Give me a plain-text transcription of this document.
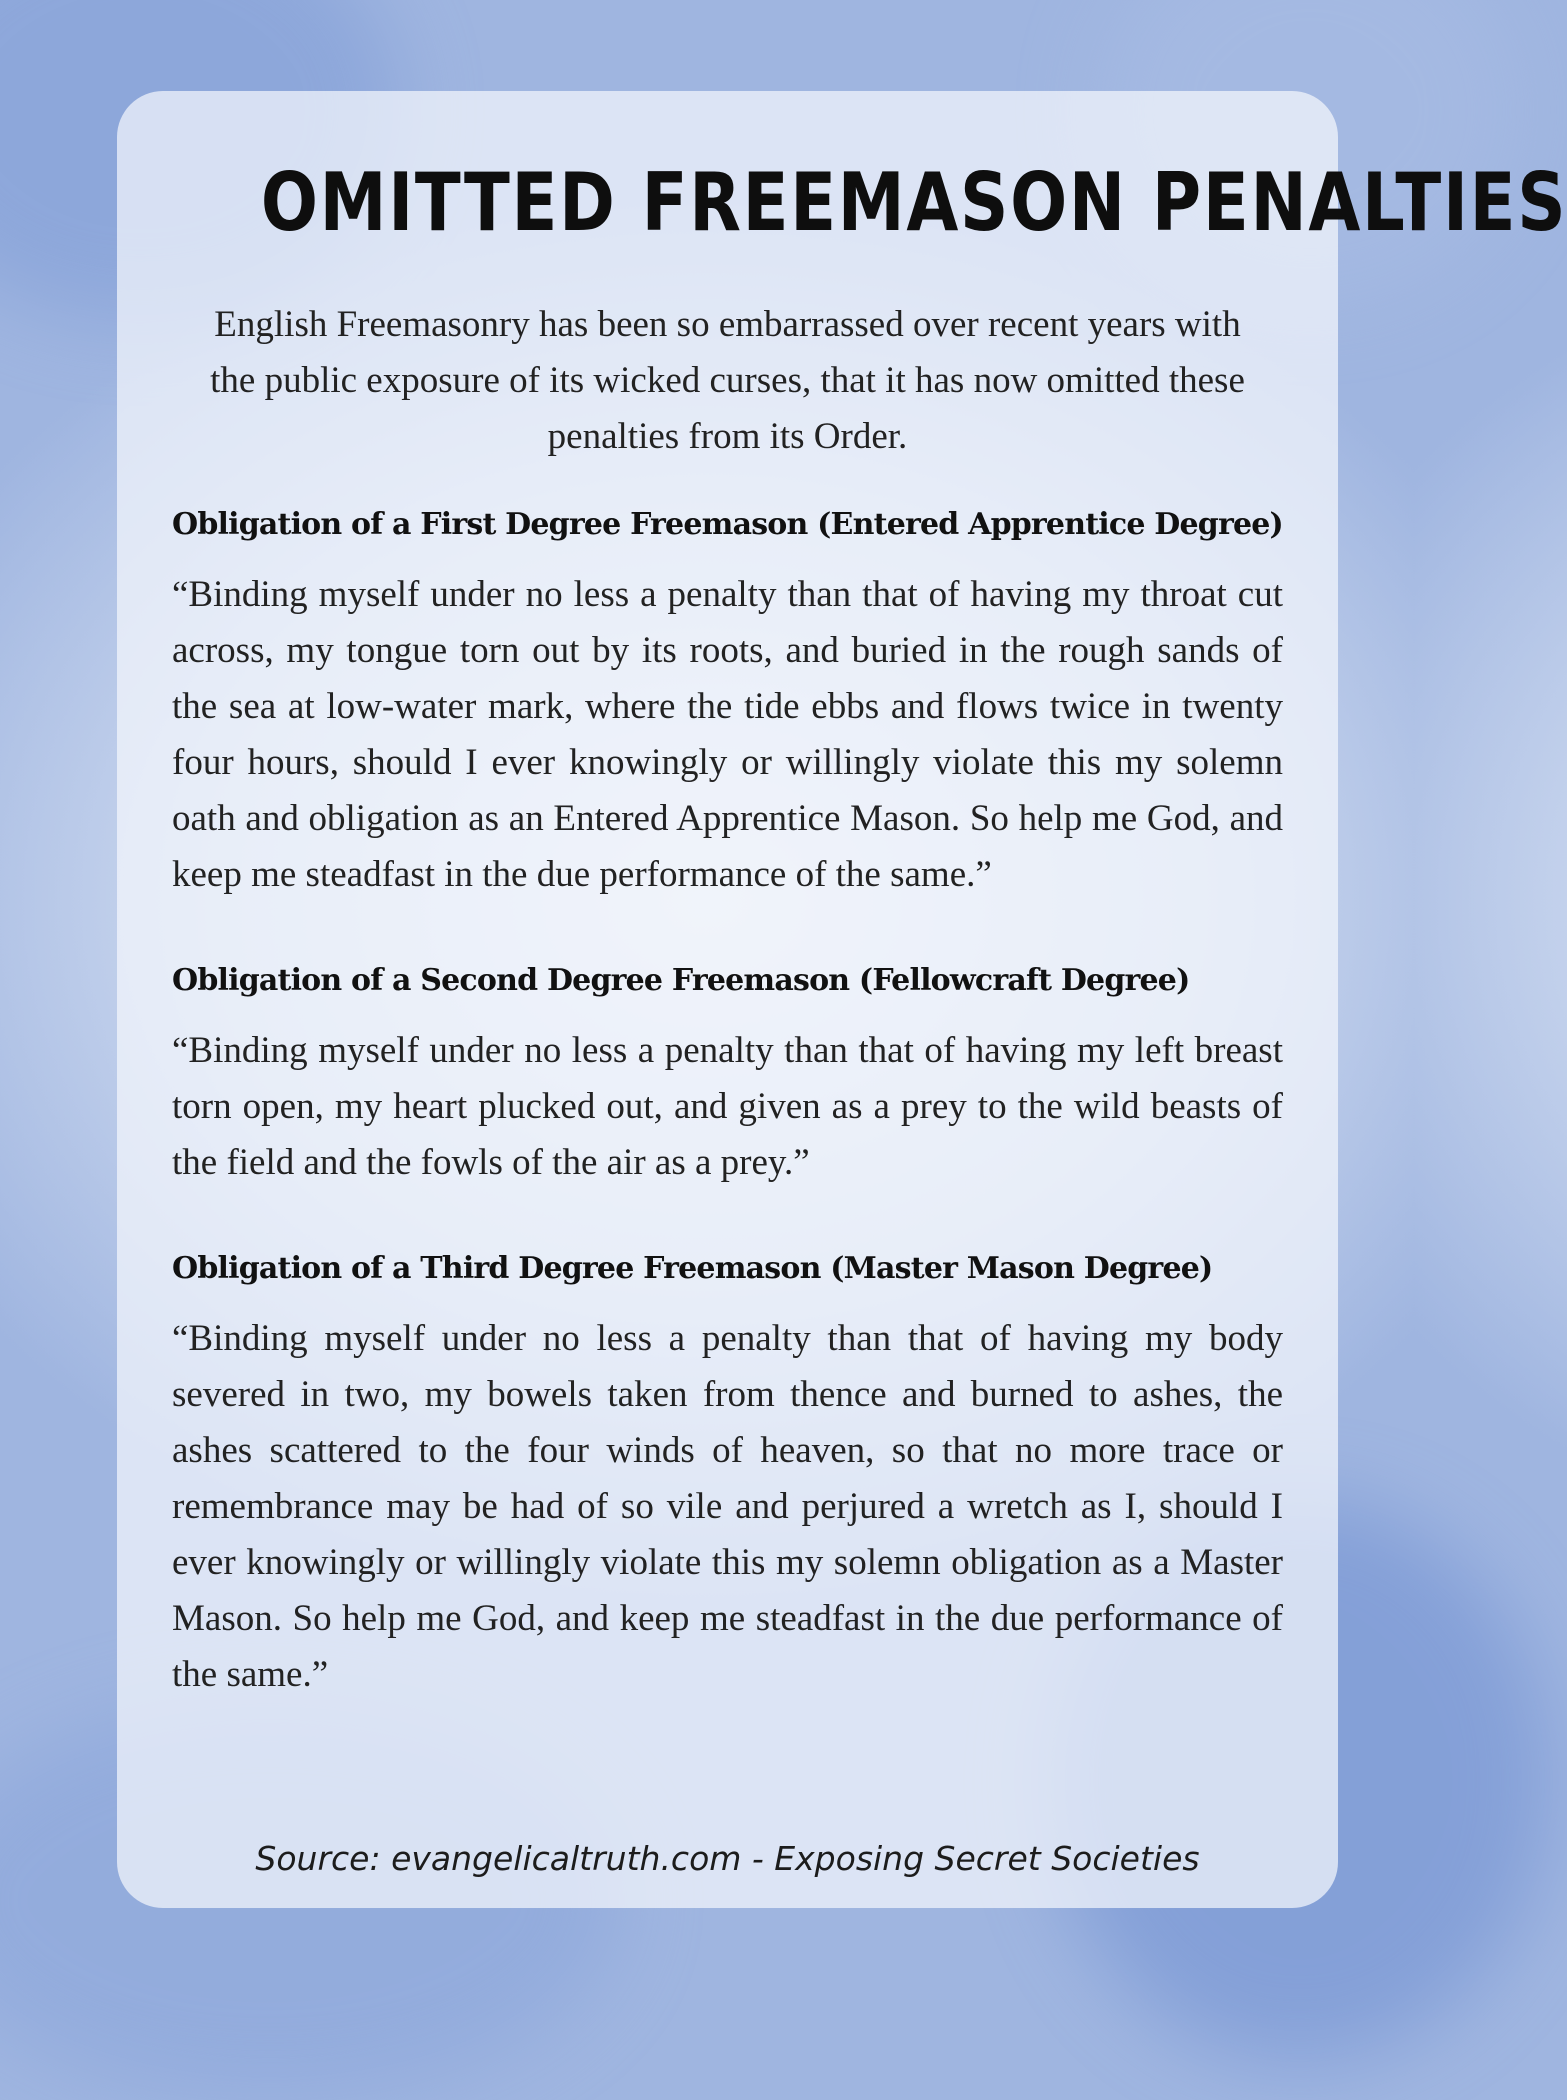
OMITTED FREEMASON PENALTIES
English Freemasonry has been so embarrassed over recent years with the public exposure of its wicked curses, that it has now omitted these penalties from its Order.
Obligation of a First Degree Freemason (Entered Apprentice Degree)
“Binding myself under no less a penalty than that of having my throat cut across, my tongue torn out by its roots, and buried in the rough sands of the sea at low-water mark, where the tide ebbs and flows twice in twenty four hours, should I ever knowingly or willingly violate this my solemn oath and obligation as an Entered Apprentice Mason. So help me God, and keep me steadfast in the due performance of the same.”
Obligation of a Second Degree Freemason (Fellowcraft Degree)
“Binding myself under no less a penalty than that of having my left breast torn open, my heart plucked out, and given as a prey to the wild beasts of the field and the fowls of the air as a prey.”
Obligation of a Third Degree Freemason (Master Mason Degree)
“Binding myself under no less a penalty than that of having my body severed in two, my bowels taken from thence and burned to ashes, the ashes scattered to the four winds of heaven, so that no more trace or remembrance may be had of so vile and perjured a wretch as I, should I ever knowingly or willingly violate this my solemn obligation as a Master Mason. So help me God, and keep me steadfast in the due performance of the same.”
Source: evangelicaltruth.com - Exposing Secret Societies
